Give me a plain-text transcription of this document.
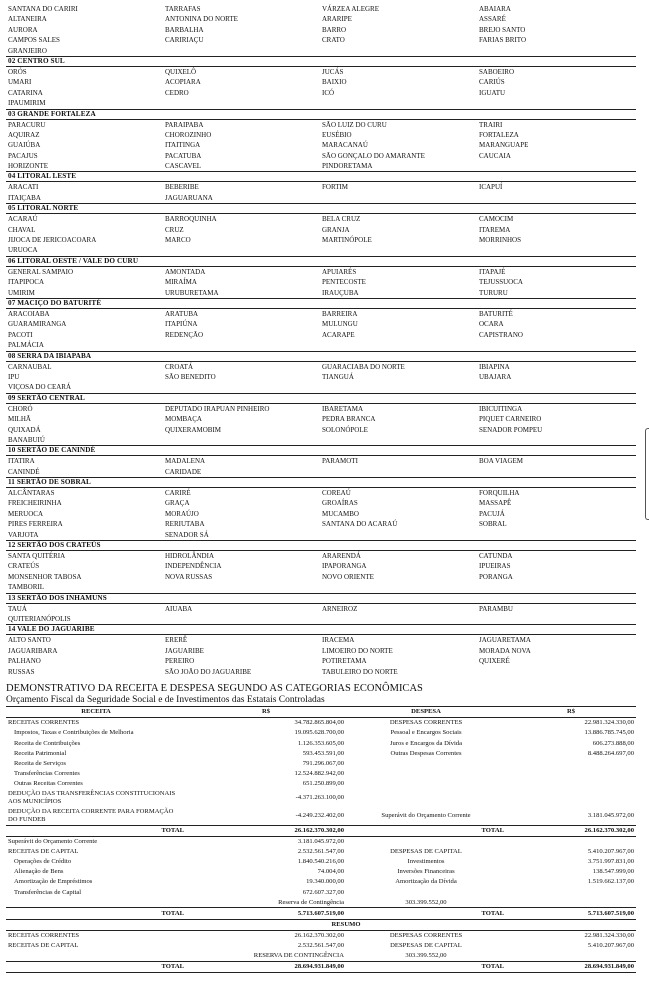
SANTANA DO CARIRI	TARRAFAS	VÁRZEA ALEGRE	ABAIARA
ALTANEIRA	ANTONINA DO NORTE	ARARIPE	ASSARÉ
AURORA	BARBALHA	BARRO	BREJO SANTO
CAMPOS SALES	CARIRIAÇU	CRATO	FARIAS BRITO
GRANJEIRO
02 CENTRO SUL
ORÓS	QUIXELÔ	JUCÁS	SABOEIRO
UMARI	ACOPIARA	BAIXIO	CARIÚS
CATARINA	CEDRO	ICÓ	IGUATU
IPAUMIRIM
03 GRANDE FORTALEZA
PARACURU	PARAIPABA	SÃO LUIZ DO CURU	TRAIRI
AQUIRAZ	CHOROZINHO	EUSÉBIO	FORTALEZA
GUAIÚBA	ITAITINGA	MARACANAÚ	MARANGUAPE
PACAJUS	PACATUBA	SÃO GONÇALO DO AMARANTE	CAUCAIA
HORIZONTE	CASCAVEL	PINDORETAMA
04 LITORAL LESTE
ARACATI	BEBERIBE	FORTIM	ICAPUÍ
ITAIÇABA	JAGUARUANA
05 LITORAL NORTE
ACARAÚ	BARROQUINHA	BELA CRUZ	CAMOCIM
CHAVAL	CRUZ	GRANJA	ITAREMA
JIJOCA DE JERICOACOARA	MARCO	MARTINÓPOLE	MORRINHOS
URUOCA
06 LITORAL OESTE / VALE DO CURU
GENERAL SAMPAIO	AMONTADA	APUIARÉS	ITAPAJÉ
ITAPIPOCA	MIRAÍMA	PENTECOSTE	TEJUSSUOCA
UMIRIM	URUBURETAMA	IRAUÇUBA	TURURU
07 MACIÇO DO BATURITÉ
ARACOIABA	ARATUBA	BARREIRA	BATURITÉ
GUARAMIRANGA	ITAPIÚNA	MULUNGU	OCARA
PACOTI	REDENÇÃO	ACARAPE	CAPISTRANO
PALMÁCIA
08 SERRA DA IBIAPABA
CARNAUBAL	CROATÁ	GUARACIABA DO NORTE	IBIAPINA
IPU	SÃO BENEDITO	TIANGUÁ	UBAJARA
VIÇOSA DO CEARÁ
09 SERTÃO CENTRAL
CHORÓ	DEPUTADO IRAPUAN PINHEIRO	IBARETAMA	IBICUITINGA
MILHÃ	MOMBAÇA	PEDRA BRANCA	PIQUET CARNEIRO
QUIXADÁ	QUIXERAMOBIM	SOLONÓPOLE	SENADOR POMPEU
BANABUIÚ
10 SERTÃO DE CANINDÉ
ITATIRA	MADALENA	PARAMOTI	BOA VIAGEM
CANINDÉ	CARIDADE
11 SERTÃO DE SOBRAL
ALCÂNTARAS	CARIRÉ	COREAÚ	FORQUILHA
FREICHEIRINHA	GRAÇA	GROAÍRAS	MASSAPÊ
MERUOCA	MORAÚJO	MUCAMBO	PACUJÁ
PIRES FERREIRA	RERIUTABA	SANTANA DO ACARAÚ	SOBRAL
VARJOTA	SENADOR SÁ
12 SERTÃO DOS CRATEÚS
SANTA QUITÉRIA	HIDROLÂNDIA	ARARENDÁ	CATUNDA
CRATEÚS	INDEPENDÊNCIA	IPAPORANGA	IPUEIRAS
MONSENHOR TABOSA	NOVA RUSSAS	NOVO ORIENTE	PORANGA
TAMBORIL
13 SERTÃO DOS INHAMUNS
TAUÁ	AIUABA	ARNEIROZ	PARAMBU
QUITERIANÓPOLIS
14 VALE DO JAGUARIBE
ALTO SANTO	ERERÊ	IRACEMA	JAGUARETAMA
JAGUARIBARA	JAGUARIBE	LIMOEIRO DO NORTE	MORADA NOVA
PALHANO	PEREIRO	POTIRETAMA	QUIXERÉ
RUSSAS	SÃO JOÃO DO JAGUARIBE	TABULEIRO DO NORTE
DEMONSTRATIVO DA RECEITA E DESPESA SEGUNDO AS CATEGORIAS ECONÔMICAS
Orçamento Fiscal da Seguridade Social e de Investimentos das Estatais Controladas
RECEITA	R$	DESPESA	R$
RECEITAS CORRENTES	34.782.865.804,00	DESPESAS CORRENTES	22.981.324.330,00
Impostos, Taxas e Contribuições de Melhoria	19.095.628.700,00	Pessoal e Encargos Sociais	13.886.785.745,00
Receita de Contribuições	1.126.353.605,00	Juros e Encargos da Dívida	606.273.888,00
Receita Patrimonial	593.453.591,00	Outras Despesas Correntes	8.488.264.697,00
Receita de Serviços	791.296.067,00		
Transferências Correntes	12.524.882.942,00		
Outras Receitas Correntes	651.250.899,00		
DEDUÇÃO DAS TRANSFERÊNCIAS CONSTITUCIONAIS AOS MUNICÍPIOS	-4.371.263.100,00		
DEDUÇÃO DA RECEITA CORRENTE PARA FORMAÇÃO DO FUNDEB	-4.249.232.402,00	Superávit do Orçamento Corrente	3.181.045.972,00
TOTAL	26.162.370.302,00	TOTAL	26.162.370.302,00
Superávit do Orçamento Corrente	3.181.045.972,00		
RECEITAS DE CAPITAL	2.532.561.547,00	DESPESAS DE CAPITAL	5.410.207.967,00
Operações de Crédito	1.840.540.216,00	Investimentos	3.751.997.831,00
Alienação de Bens	74.004,00	Inversões Financeiras	138.547.999,00
Amortização de Empréstimos	19.340.000,00	Amortização da Dívida	1.519.662.137,00
Transferências de Capital	672.607.327,00		
	Reserva de Contingência	303.399.552,00	
TOTAL	5.713.607.519,00	TOTAL	5.713.607.519,00
	RESUMO		
RECEITAS CORRENTES	26.162.370.302,00	DESPESAS CORRENTES	22.981.324.330,00
RECEITAS DE CAPITAL	2.532.561.547,00	DESPESAS DE CAPITAL	5.410.207.967,00
	RESERVA DE CONTINGÊNCIA	303.399.552,00	
TOTAL	28.694.931.849,00	TOTAL	28.694.931.849,00
